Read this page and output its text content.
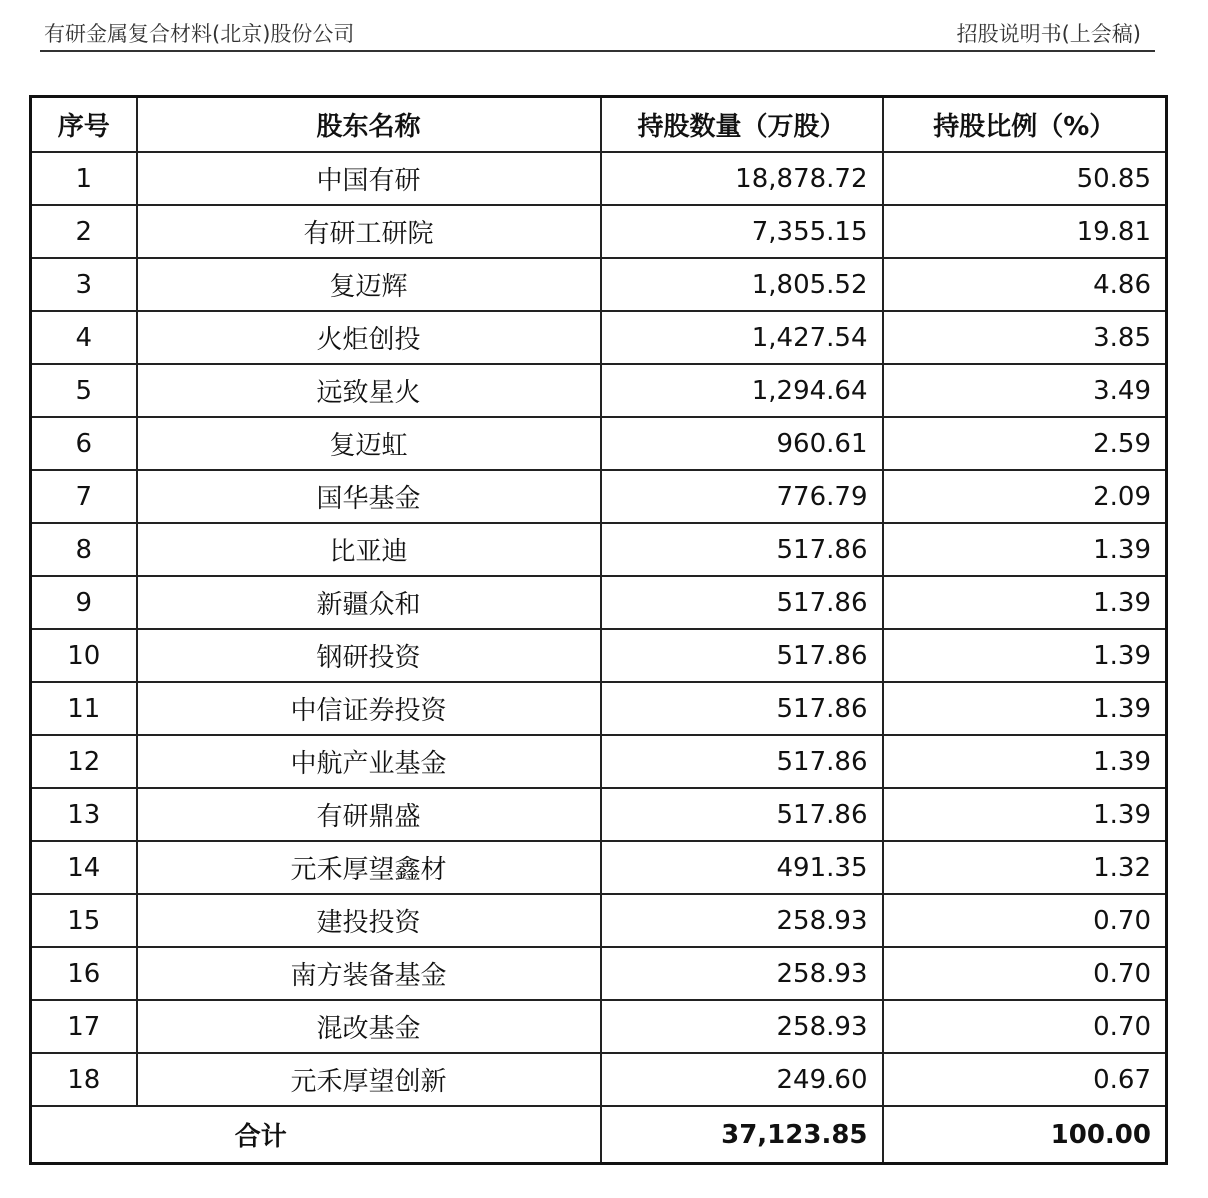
有研金属复合材料(北京)股份公司	招股说明书(上会稿)
序号	股东名称	持股数量（万股）	持股比例（%）
1	中国有研	18,878.72	50.85
2	有研工研院	7,355.15	19.81
3	复迈辉	1,805.52	4.86
4	火炬创投	1,427.54	3.85
5	远致星火	1,294.64	3.49
6	复迈虹	960.61	2.59
7	国华基金	776.79	2.09
8	比亚迪	517.86	1.39
9	新疆众和	517.86	1.39
10	钢研投资	517.86	1.39
11	中信证券投资	517.86	1.39
12	中航产业基金	517.86	1.39
13	有研鼎盛	517.86	1.39
14	元禾厚望鑫材	491.35	1.32
15	建投投资	258.93	0.70
16	南方装备基金	258.93	0.70
17	混改基金	258.93	0.70
18	元禾厚望创新	249.60	0.67
合计		37,123.85	100.00
